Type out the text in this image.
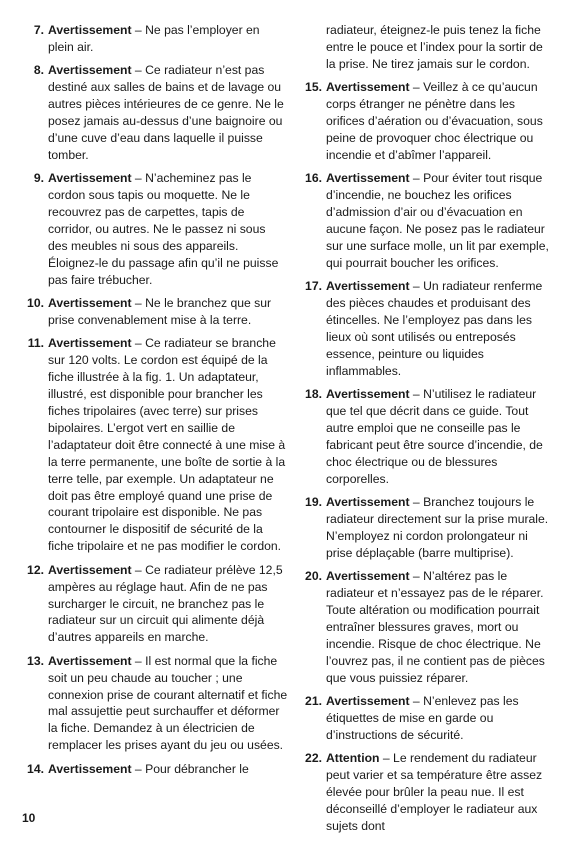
7. Avertissement – Ne pas l’employer en plein air.
8. Avertissement – Ce radiateur n’est pas destiné aux salles de bains et de lavage ou autres pièces intérieures de ce genre. Ne le posez jamais au-dessus d’une baignoire ou d’une cuve d’eau dans laquelle il puisse tomber.
9. Avertissement – N’acheminez pas le cordon sous tapis ou moquette. Ne le recouvrez pas de carpettes, tapis de corridor, ou autres. Ne le passez ni sous des meubles ni sous des appareils. Éloignez-le du passage afin qu’il ne puisse pas faire trébucher.
10. Avertissement – Ne le branchez que sur prise convenablement mise à la terre.
11. Avertissement – Ce radiateur se branche sur 120 volts. Le cordon est équipé de la fiche illustrée à la fig. 1. Un adaptateur, illustré, est disponible pour brancher les fiches tripolaires (avec terre) sur prises bipolaires. L’ergot vert en saillie de l’adaptateur doit être connecté à une mise à la terre permanente, une boîte de sortie à la terre telle, par exemple. Un adaptateur ne doit pas être employé quand une prise de courant tripolaire est disponible. Ne pas contourner le dispositif de sécurité de la fiche tripolaire et ne pas modifier le cordon.
12. Avertissement – Ce radiateur prélève 12,5 ampères au réglage haut. Afin de ne pas surcharger le circuit, ne branchez pas le radiateur sur un circuit qui alimente déjà d’autres appareils en marche.
13. Avertissement – Il est normal que la fiche soit un peu chaude au toucher ; une connexion prise de courant alternatif et fiche mal assujettie peut surchauffer et déformer la fiche. Demandez à un électricien de remplacer les prises ayant du jeu ou usées.
14. Avertissement – Pour débrancher le
radiateur, éteignez-le puis tenez la fiche entre le pouce et l’index pour la sortir de la prise. Ne tirez jamais sur le cordon.
15. Avertissement – Veillez à ce qu’aucun corps étranger ne pénètre dans les orifices d’aération ou d’évacuation, sous peine de provoquer choc électrique ou incendie et d’abîmer l’appareil.
16. Avertissement – Pour éviter tout risque d’incendie, ne bouchez les orifices d’admission d’air ou d’évacuation en aucune façon. Ne posez pas le radiateur sur une surface molle, un lit par exemple, qui pourrait boucher les orifices.
17. Avertissement – Un radiateur renferme des pièces chaudes et produisant des étincelles. Ne l’employez pas dans les lieux où sont utilisés ou entreposés essence, peinture ou liquides inflammables.
18. Avertissement – N’utilisez le radiateur que tel que décrit dans ce guide. Tout autre emploi que ne conseille pas le fabricant peut être source d’incendie, de choc électrique ou de blessures corporelles.
19. Avertissement – Branchez toujours le radiateur directement sur la prise murale. N’employez ni cordon prolongateur ni prise déplaçable (barre multiprise).
20. Avertissement – N’altérez pas le radiateur et n’essayez pas de le réparer. Toute altération ou modification pourrait entraîner blessures graves, mort ou incendie. Risque de choc électrique. Ne l’ouvrez pas, il ne contient pas de pièces que vous puissiez réparer.
21. Avertissement – N’enlevez pas les étiquettes de mise en garde ou d’instructions de sécurité.
22. Attention – Le rendement du radiateur peut varier et sa température être assez élevée pour brûler la peau nue. Il est déconseillé d’employer le radiateur aux sujets dont
10
